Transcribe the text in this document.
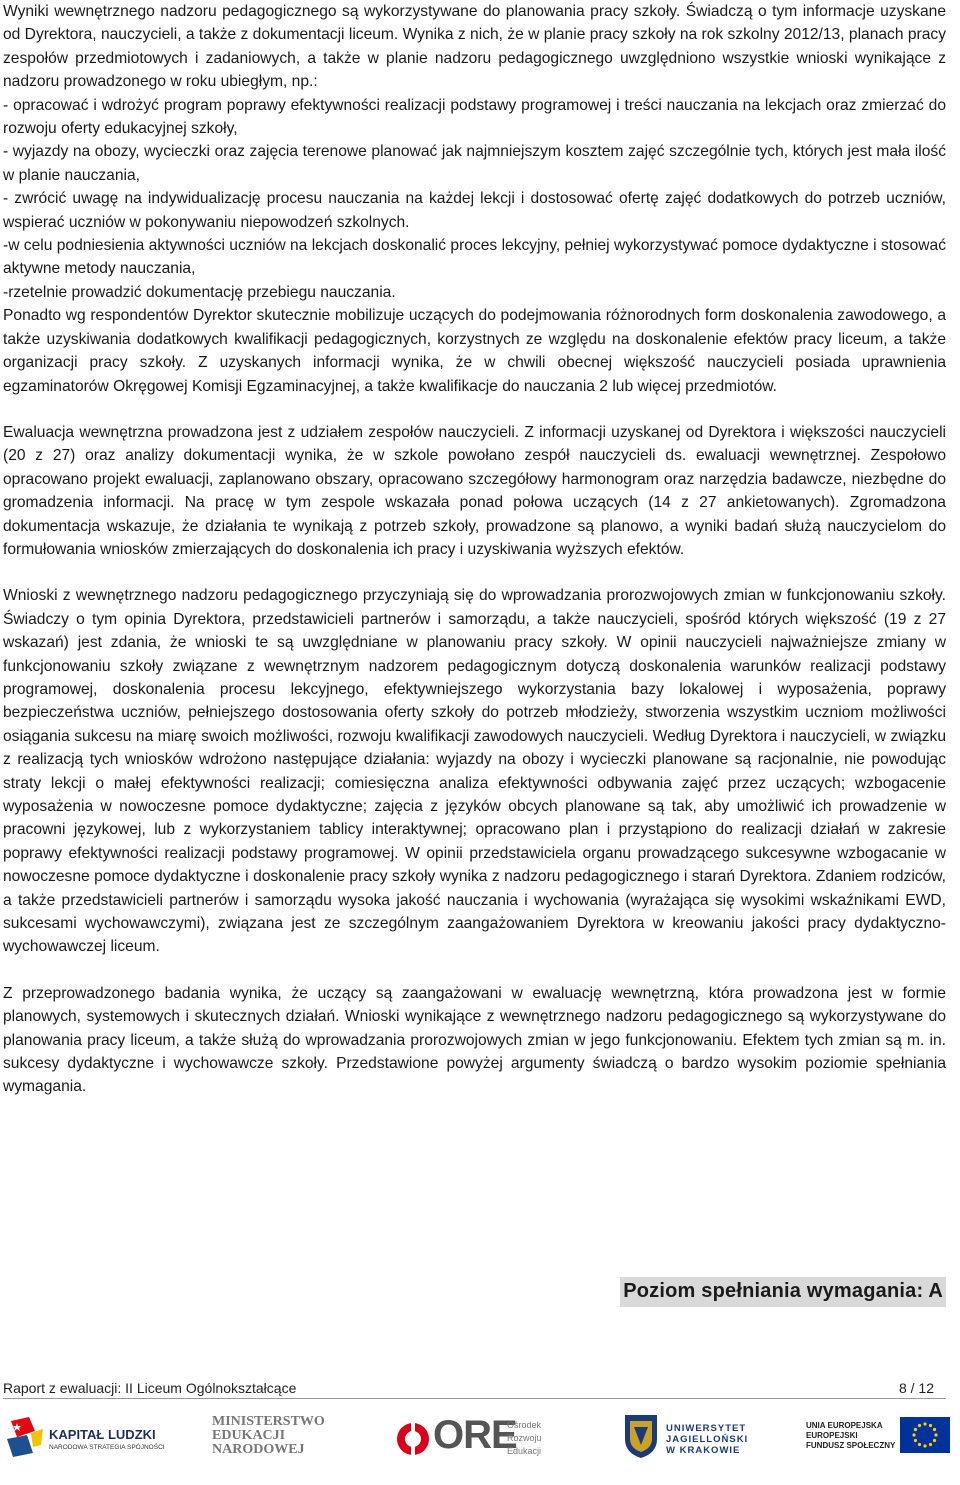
Wyniki wewnętrznego nadzoru pedagogicznego są wykorzystywane do planowania pracy szkoły. Świadczą o tym informacje uzyskane od Dyrektora, nauczycieli, a także z dokumentacji liceum. Wynika z nich, że w planie pracy szkoły na rok szkolny 2012/13, planach pracy zespołów przedmiotowych i zadaniowych, a także w planie nadzoru pedagogicznego uwzględniono wszystkie wnioski wynikające z nadzoru prowadzonego w roku ubiegłym, np.:

- opracować i wdrożyć program poprawy efektywności realizacji podstawy programowej i treści nauczania na lekcjach oraz zmierzać do rozwoju oferty edukacyjnej szkoły,

- wyjazdy na obozy, wycieczki oraz zajęcia terenowe planować jak najmniejszym kosztem zajęć szczególnie tych, których jest mała ilość w planie nauczania,

- zwrócić uwagę na indywidualizację procesu nauczania na każdej lekcji i dostosować ofertę zajęć dodatkowych do potrzeb uczniów, wspierać uczniów w pokonywaniu niepowodzeń szkolnych.

-w celu podniesienia aktywności uczniów na lekcjach doskonalić proces lekcyjny, pełniej wykorzystywać pomoce dydaktyczne i stosować aktywne metody nauczania,

-rzetelnie prowadzić dokumentację przebiegu nauczania.

Ponadto wg respondentów Dyrektor skutecznie mobilizuje uczących do podejmowania różnorodnych form doskonalenia zawodowego, a także uzyskiwania dodatkowych kwalifikacji pedagogicznych, korzystnych ze względu na doskonalenie efektów pracy liceum, a także organizacji pracy szkoły. Z uzyskanych informacji wynika, że w chwili obecnej większość nauczycieli posiada uprawnienia egzaminatorów Okręgowej Komisji Egzaminacyjnej, a także kwalifikacje do nauczania 2 lub więcej przedmiotów.

Ewaluacja wewnętrzna prowadzona jest z udziałem zespołów nauczycieli. Z informacji uzyskanej od Dyrektora i większości nauczycieli (20 z 27) oraz analizy dokumentacji wynika, że w szkole powołano zespół nauczycieli ds. ewaluacji wewnętrznej. Zespołowo opracowano projekt ewaluacji, zaplanowano obszary, opracowano szczegółowy harmonogram oraz narzędzia badawcze, niezbędne do gromadzenia informacji. Na pracę w tym zespole wskazała ponad połowa uczących (14 z 27 ankietowanych). Zgromadzona dokumentacja wskazuje, że działania te wynikają z potrzeb szkoły, prowadzone są planowo, a wyniki badań służą nauczycielom do formułowania wniosków zmierzających do doskonalenia ich pracy i uzyskiwania wyższych efektów.

Wnioski z wewnętrznego nadzoru pedagogicznego przyczyniają się do wprowadzania prorozwojowych zmian w funkcjonowaniu szkoły. Świadczy o tym opinia Dyrektora, przedstawicieli partnerów i samorządu, a także nauczycieli, spośród których większość (19 z 27 wskazań) jest zdania, że wnioski te są uwzględniane w planowaniu pracy szkoły. W opinii nauczycieli najważniejsze zmiany w funkcjonowaniu szkoły związane z wewnętrznym nadzorem pedagogicznym dotyczą doskonalenia warunków realizacji podstawy programowej, doskonalenia procesu lekcyjnego, efektywniejszego wykorzystania bazy lokalowej i wyposażenia, poprawy bezpieczeństwa uczniów, pełniejszego dostosowania oferty szkoły do potrzeb młodzieży, stworzenia wszystkim uczniom możliwości osiągania sukcesu na miarę swoich możliwości, rozwoju kwalifikacji zawodowych nauczycieli. Według Dyrektora i nauczycieli, w związku z realizacją tych wniosków wdrożono następujące działania: wyjazdy na obozy i wycieczki planowane są racjonalnie, nie powodując straty lekcji o małej efektywności realizacji; comiesięczna analiza efektywności odbywania zajęć przez uczących; wzbogacenie wyposażenia w nowoczesne pomoce dydaktyczne; zajęcia z języków obcych planowane są tak, aby umożliwić ich prowadzenie w pracowni językowej, lub z wykorzystaniem tablicy interaktywnej; opracowano plan i przystąpiono do realizacji działań w zakresie poprawy efektywności realizacji podstawy programowej. W opinii przedstawiciela organu prowadzącego sukcesywne wzbogacanie w nowoczesne pomoce dydaktyczne i doskonalenie pracy szkoły wynika z nadzoru pedagogicznego i starań Dyrektora. Zdaniem rodziców, a także przedstawicieli partnerów i samorządu wysoka jakość nauczania i wychowania (wyrażająca się wysokimi wskaźnikami EWD, sukcesami wychowawczymi), związana jest ze szczególnym zaangażowaniem Dyrektora w kreowaniu jakości pracy dydaktyczno-wychowawczej liceum.

Z przeprowadzonego badania wynika, że uczący są zaangażowani w ewaluację wewnętrzną, która prowadzona jest w formie planowych, systemowych i skutecznych działań. Wnioski wynikające z wewnętrznego nadzoru pedagogicznego są wykorzystywane do planowania pracy liceum, a także służą do wprowadzania prorozwojowych zmian w jego funkcjonowaniu. Efektem tych zmian są m. in. sukcesy dydaktyczne i wychowawcze szkoły. Przedstawione powyżej argumenty świadczą o bardzo wysokim poziomie spełniania wymagania.

Poziom spełniania wymagania: A
Raport z ewaluacji: II Liceum Ogólnokształcące	8 / 12
KAPITAŁ LUDZKI
NARODOWA STRATEGIA SPÓJNOŚCI
MINISTERSTWO
EDUKACJI
NARODOWEJ	ORE
Ośrodek
Rozwoju
Edukacji
UNIWERSYTET
JAGIELLOŃSKI
W KRAKOWIE
UNIA EUROPEJSKA
EUROPEJSKI
FUNDUSZ SPOŁECZNY
